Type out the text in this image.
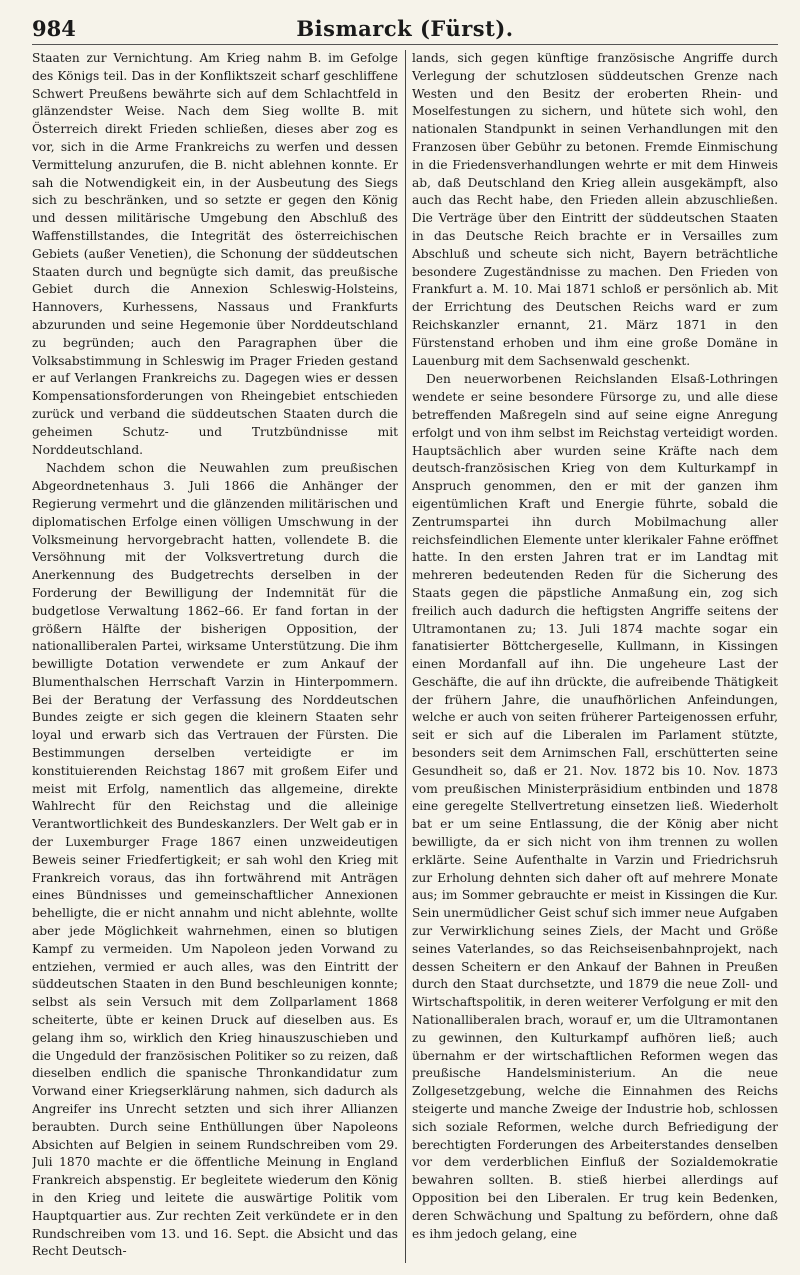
984	Bismarck (Fürst).

Staaten zur Vernichtung. Am Krieg nahm B. im Gefolge des Königs teil. Das in der Konfliktszeit scharf geschliffene Schwert Preußens bewährte sich auf dem Schlachtfeld in glänzendster Weise. Nach dem Sieg wollte B. mit Österreich direkt Frieden schließen, dieses aber zog es vor, sich in die Arme Frankreichs zu werfen und dessen Vermittelung anzurufen, die B. nicht ablehnen konnte. Er sah die Notwendigkeit ein, in der Ausbeutung des Siegs sich zu beschränken, und so setzte er gegen den König und dessen militärische Umgebung den Abschluß des Waffenstillstandes, die Integrität des österreichischen Gebiets (außer Venetien), die Schonung der süddeutschen Staaten durch und begnügte sich damit, das preußische Gebiet durch die Annexion Schleswig-Holsteins, Hannovers, Kurhessens, Nassaus und Frankfurts abzurunden und seine Hegemonie über Norddeutschland zu begründen; auch den Paragraphen über die Volksabstimmung in Schleswig im Prager Frieden gestand er auf Verlangen Frankreichs zu. Dagegen wies er dessen Kompensationsforderungen von Rheingebiet entschieden zurück und verband die süddeutschen Staaten durch die geheimen Schutz- und Trutzbündnisse mit Norddeutschland.

Nachdem schon die Neuwahlen zum preußischen Abgeordnetenhaus 3. Juli 1866 die Anhänger der Regierung vermehrt und die glänzenden militärischen und diplomatischen Erfolge einen völligen Umschwung in der Volksmeinung hervorgebracht hatten, vollendete B. die Versöhnung mit der Volksvertretung durch die Anerkennung des Budgetrechts derselben in der Forderung der Bewilligung der Indemnität für die budgetlose Verwaltung 1862–66. Er fand fortan in der größern Hälfte der bisherigen Opposition, der nationalliberalen Partei, wirksame Unterstützung. Die ihm bewilligte Dotation verwendete er zum Ankauf der Blumenthalschen Herrschaft Varzin in Hinterpommern. Bei der Beratung der Verfassung des Norddeutschen Bundes zeigte er sich gegen die kleinern Staaten sehr loyal und erwarb sich das Vertrauen der Fürsten. Die Bestimmungen derselben verteidigte er im konstituierenden Reichstag 1867 mit großem Eifer und meist mit Erfolg, namentlich das allgemeine, direkte Wahlrecht für den Reichstag und die alleinige Verantwortlichkeit des Bundeskanzlers. Der Welt gab er in der Luxemburger Frage 1867 einen unzweideutigen Beweis seiner Friedfertigkeit; er sah wohl den Krieg mit Frankreich voraus, das ihn fortwährend mit Anträgen eines Bündnisses und gemeinschaftlicher Annexionen behelligte, die er nicht annahm und nicht ablehnte, wollte aber jede Möglichkeit wahrnehmen, einen so blutigen Kampf zu vermeiden. Um Napoleon jeden Vorwand zu entziehen, vermied er auch alles, was den Eintritt der süddeutschen Staaten in den Bund beschleunigen konnte; selbst als sein Versuch mit dem Zollparlament 1868 scheiterte, übte er keinen Druck auf dieselben aus. Es gelang ihm so, wirklich den Krieg hinauszuschieben und die Ungeduld der französischen Politiker so zu reizen, daß dieselben endlich die spanische Thronkandidatur zum Vorwand einer Kriegserklärung nahmen, sich dadurch als Angreifer ins Unrecht setzten und sich ihrer Allianzen beraubten. Durch seine Enthüllungen über Napoleons Absichten auf Belgien in seinem Rundschreiben vom 29. Juli 1870 machte er die öffentliche Meinung in England Frankreich abspenstig. Er begleitete wiederum den König in den Krieg und leitete die auswärtige Politik vom Hauptquartier aus. Zur rechten Zeit verkündete er in den Rundschreiben vom 13. und 16. Sept. die Absicht und das Recht Deutsch-

lands, sich gegen künftige französische Angriffe durch Verlegung der schutzlosen süddeutschen Grenze nach Westen und den Besitz der eroberten Rhein- und Moselfestungen zu sichern, und hütete sich wohl, den nationalen Standpunkt in seinen Verhandlungen mit den Franzosen über Gebühr zu betonen. Fremde Einmischung in die Friedensverhandlungen wehrte er mit dem Hinweis ab, daß Deutschland den Krieg allein ausgekämpft, also auch das Recht habe, den Frieden allein abzuschließen. Die Verträge über den Eintritt der süddeutschen Staaten in das Deutsche Reich brachte er in Versailles zum Abschluß und scheute sich nicht, Bayern beträchtliche besondere Zugeständnisse zu machen. Den Frieden von Frankfurt a. M. 10. Mai 1871 schloß er persönlich ab. Mit der Errichtung des Deutschen Reichs ward er zum Reichskanzler ernannt, 21. März 1871 in den Fürstenstand erhoben und ihm eine große Domäne in Lauenburg mit dem Sachsenwald geschenkt.

Den neuerworbenen Reichslanden Elsaß-Lothringen wendete er seine besondere Fürsorge zu, und alle diese betreffenden Maßregeln sind auf seine eigne Anregung erfolgt und von ihm selbst im Reichstag verteidigt worden. Hauptsächlich aber wurden seine Kräfte nach dem deutsch-französischen Krieg von dem Kulturkampf in Anspruch genommen, den er mit der ganzen ihm eigentümlichen Kraft und Energie führte, sobald die Zentrumspartei ihn durch Mobilmachung aller reichsfeindlichen Elemente unter klerikaler Fahne eröffnet hatte. In den ersten Jahren trat er im Landtag mit mehreren bedeutenden Reden für die Sicherung des Staats gegen die päpstliche Anmaßung ein, zog sich freilich auch dadurch die heftigsten Angriffe seitens der Ultramontanen zu; 13. Juli 1874 machte sogar ein fanatisierter Böttchergeselle, Kullmann, in Kissingen einen Mordanfall auf ihn. Die ungeheure Last der Geschäfte, die auf ihn drückte, die aufreibende Thätigkeit der frühern Jahre, die unaufhörlichen Anfeindungen, welche er auch von seiten früherer Parteigenossen erfuhr, seit er sich auf die Liberalen im Parlament stützte, besonders seit dem Arnimschen Fall, erschütterten seine Gesundheit so, daß er 21. Nov. 1872 bis 10. Nov. 1873 vom preußischen Ministerpräsidium entbinden und 1878 eine geregelte Stellvertretung einsetzen ließ. Wiederholt bat er um seine Entlassung, die der König aber nicht bewilligte, da er sich nicht von ihm trennen zu wollen erklärte. Seine Aufenthalte in Varzin und Friedrichsruh zur Erholung dehnten sich daher oft auf mehrere Monate aus; im Sommer gebrauchte er meist in Kissingen die Kur. Sein unermüdlicher Geist schuf sich immer neue Aufgaben zur Verwirklichung seines Ziels, der Macht und Größe seines Vaterlandes, so das Reichseisenbahnprojekt, nach dessen Scheitern er den Ankauf der Bahnen in Preußen durch den Staat durchsetzte, und 1879 die neue Zoll- und Wirtschaftspolitik, in deren weiterer Verfolgung er mit den Nationalliberalen brach, worauf er, um die Ultramontanen zu gewinnen, den Kulturkampf aufhören ließ; auch übernahm er der wirtschaftlichen Reformen wegen das preußische Handelsministerium. An die neue Zollgesetzgebung, welche die Einnahmen des Reichs steigerte und manche Zweige der Industrie hob, schlossen sich soziale Reformen, welche durch Befriedigung der berechtigten Forderungen des Arbeiterstandes denselben vor dem verderblichen Einfluß der Sozialdemokratie bewahren sollten. B. stieß hierbei allerdings auf Opposition bei den Liberalen. Er trug kein Bedenken, deren Schwächung und Spaltung zu befördern, ohne daß es ihm jedoch gelang, eine
